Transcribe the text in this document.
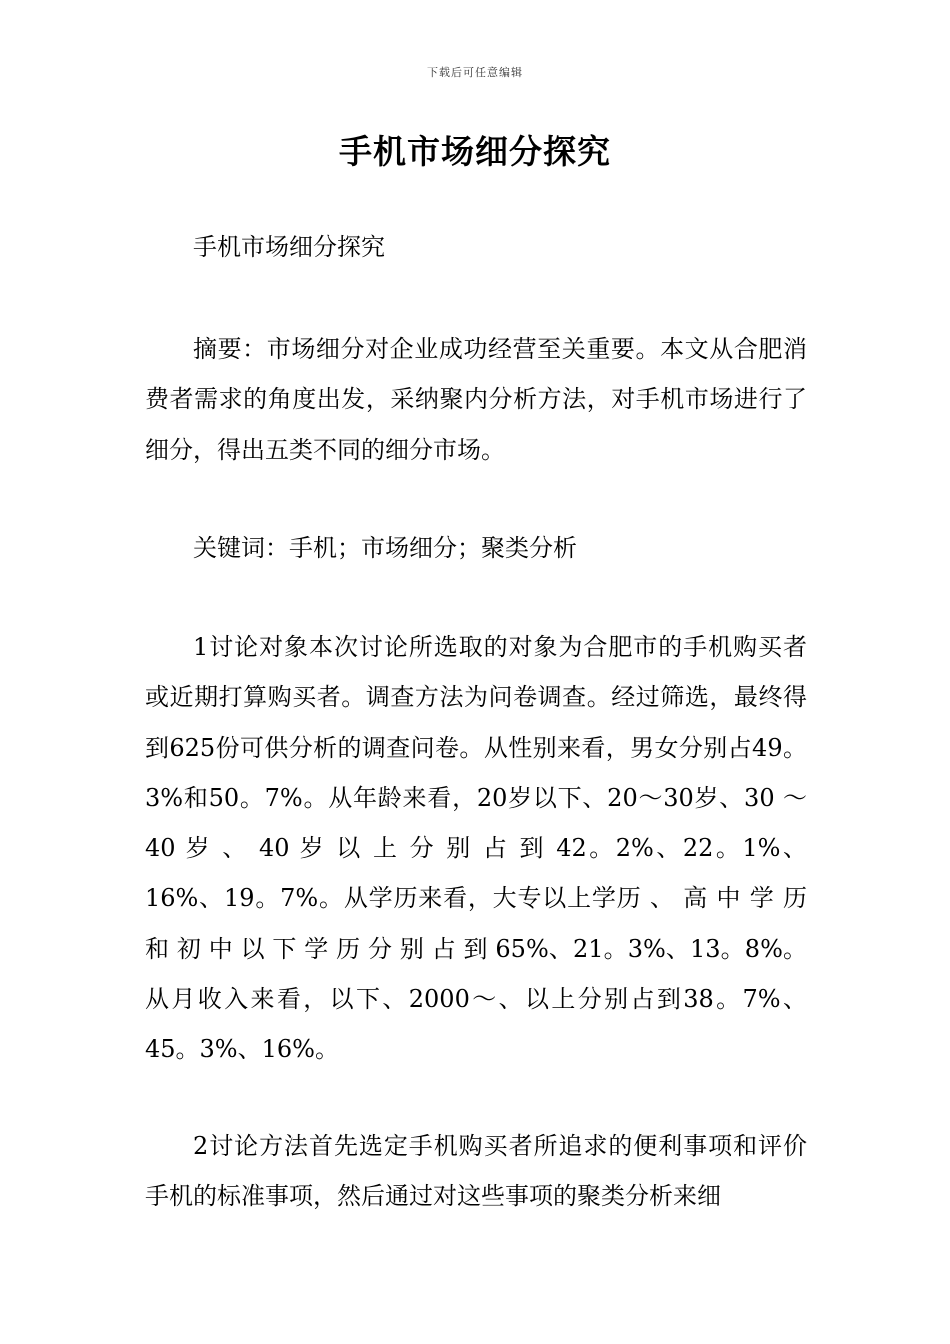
下载后可任意编辑
手机市场细分探究

手机市场细分探究

摘要：市场细分对企业成功经营至关重要。本文从合肥消费者需求的角度出发，采纳聚内分析方法，对手机市场进行了细分，得出五类不同的细分市场。

关键词：手机；市场细分；聚类分析

1讨论对象本次讨论所选取的对象为合肥市的手机购买者或近期打算购买者。调查方法为问卷调查。经过筛选，最终得到625份可供分析的调查问卷。从性别来看，男女分别占49。3%和50。7%。从年龄来看，20岁以下、20～30岁、30 ～ 40 岁 、 40 岁 以 上 分 别 占 到 42。2%、22。1%、16%、19。7%。从学历来看，大专以上学历 、 高 中 学 历 和 初 中 以 下 学 历 分 别 占 到 65%、21。3%、13。8%。从月收入来看，以下、2000～、以上分别占到38。7%、45。3%、16%。

2讨论方法首先选定手机购买者所追求的便利事项和评价手机的标准事项，然后通过对这些事项的聚类分析来细
